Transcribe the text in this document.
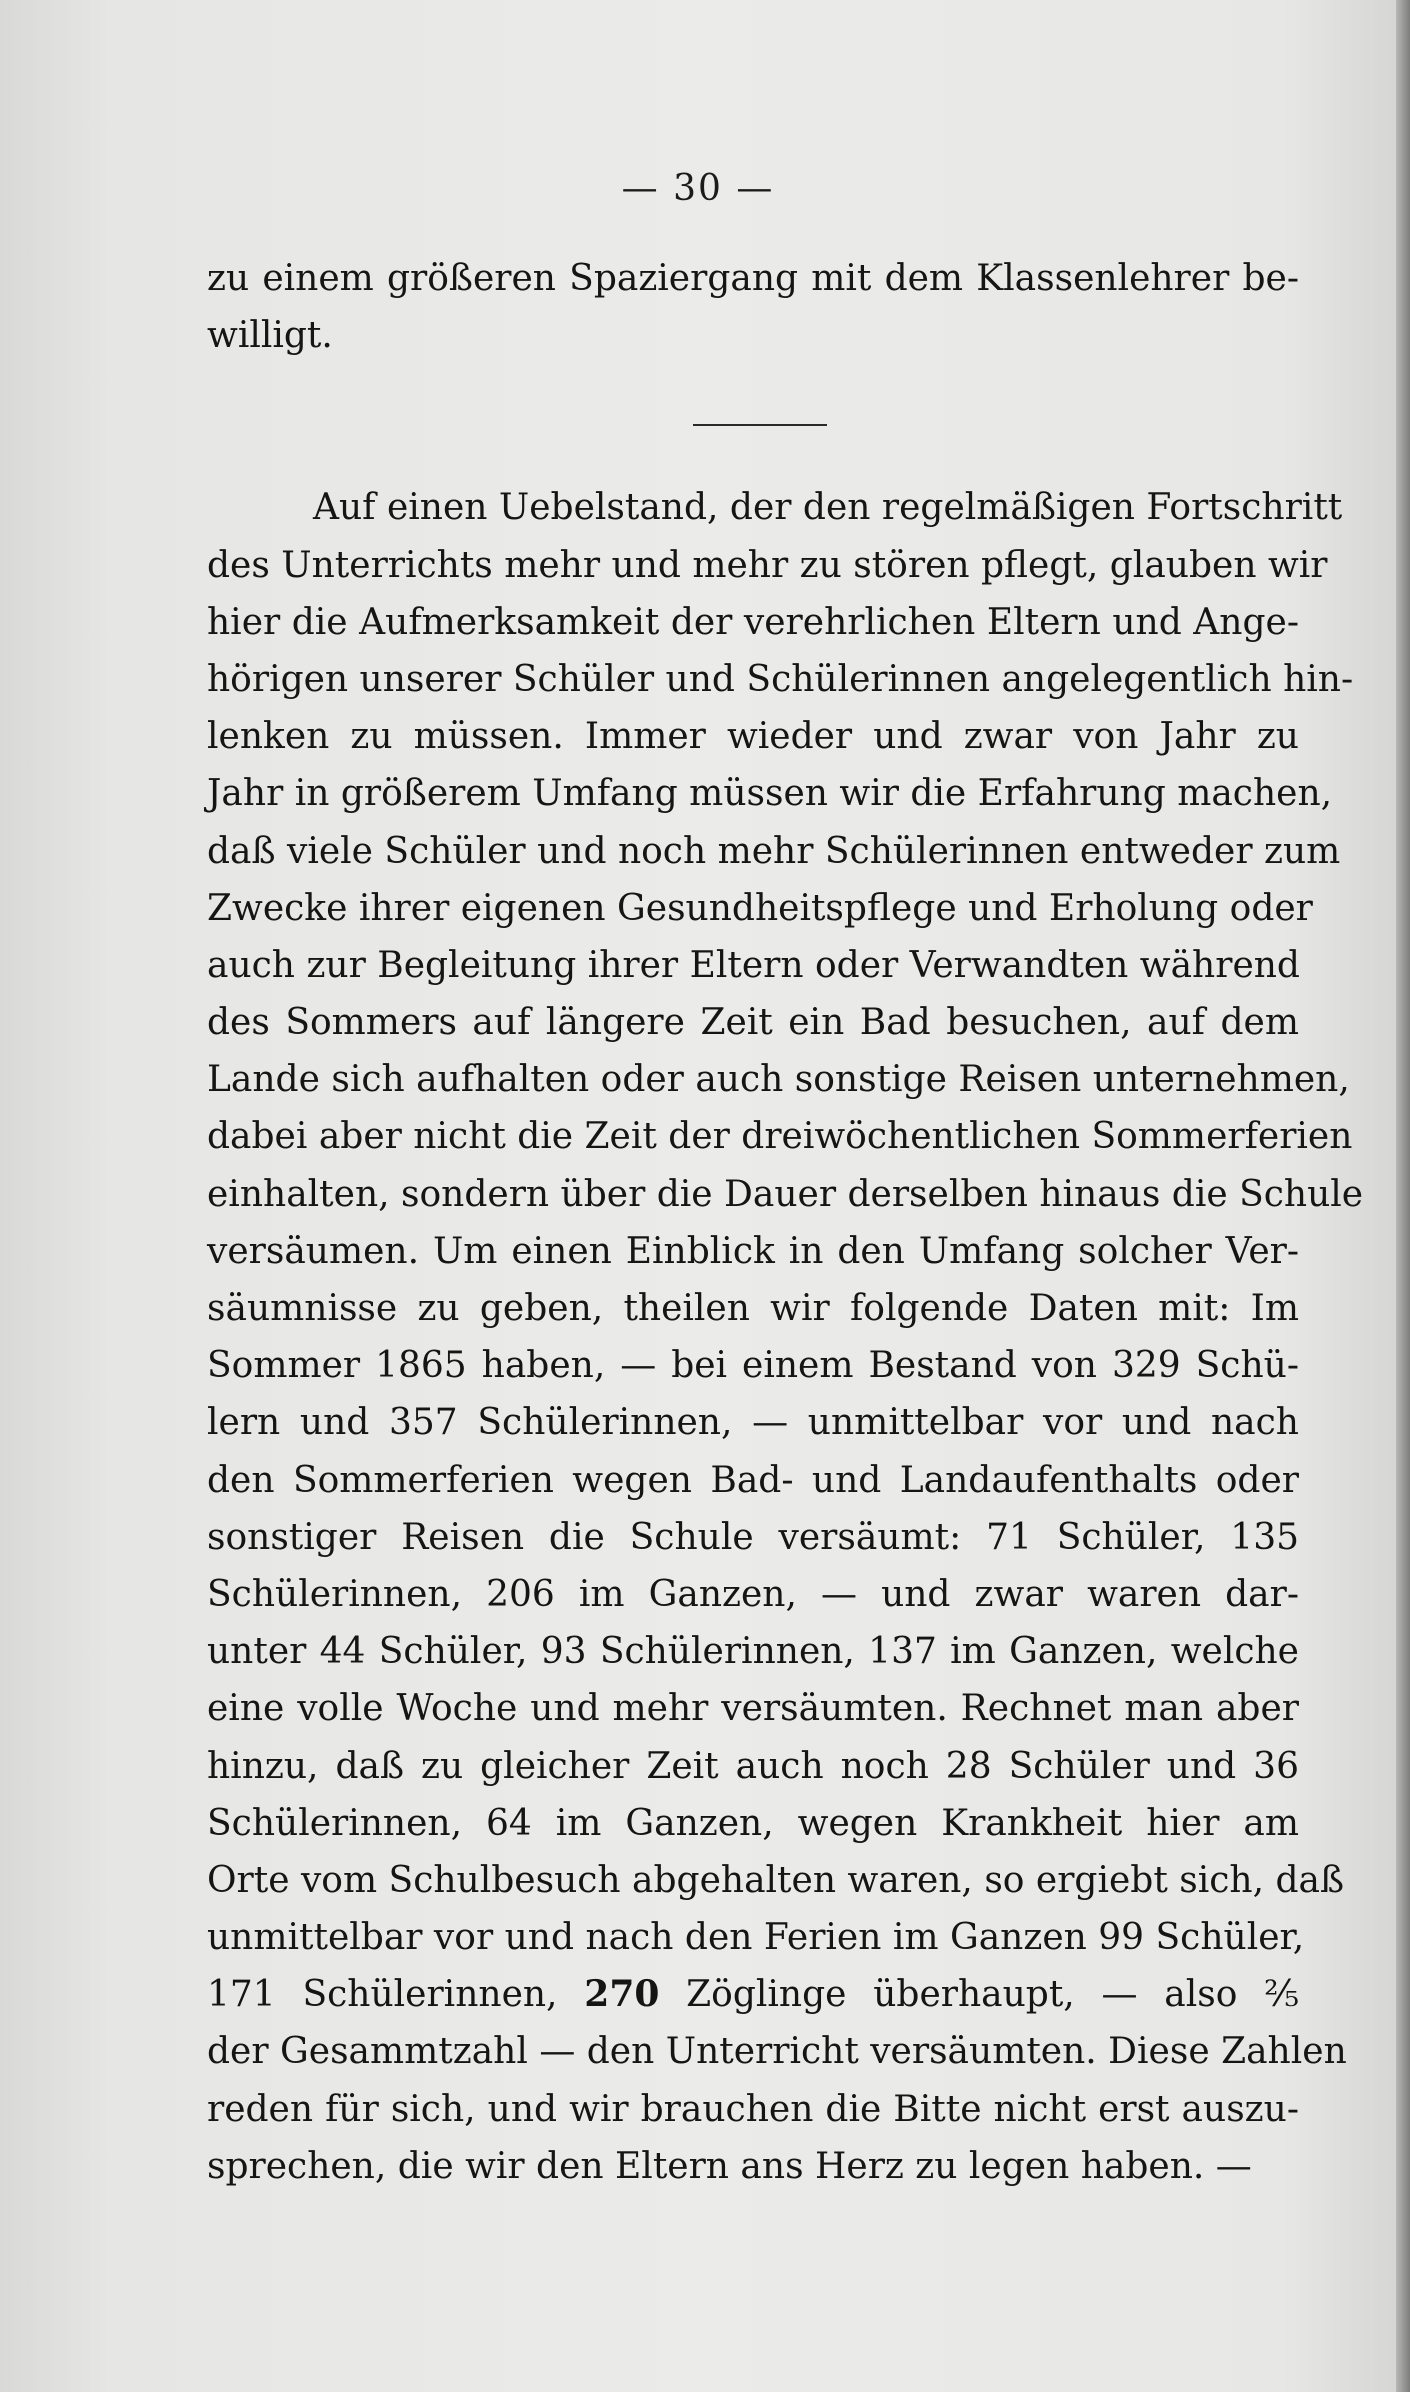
— 30 —
zu einem größeren Spaziergang mit dem Klassenlehrer be-
willigt.
Auf einen Uebelstand, der den regelmäßigen Fortschritt
des Unterrichts mehr und mehr zu stören pflegt, glauben wir
hier die Aufmerksamkeit der verehrlichen Eltern und Ange-
hörigen unserer Schüler und Schülerinnen angelegentlich hin-
lenken zu müssen. Immer wieder und zwar von Jahr zu
Jahr in größerem Umfang müssen wir die Erfahrung machen,
daß viele Schüler und noch mehr Schülerinnen entweder zum
Zwecke ihrer eigenen Gesundheitspflege und Erholung oder
auch zur Begleitung ihrer Eltern oder Verwandten während
des Sommers auf längere Zeit ein Bad besuchen, auf dem
Lande sich aufhalten oder auch sonstige Reisen unternehmen,
dabei aber nicht die Zeit der dreiwöchentlichen Sommerferien
einhalten, sondern über die Dauer derselben hinaus die Schule
versäumen. Um einen Einblick in den Umfang solcher Ver-
säumnisse zu geben, theilen wir folgende Daten mit: Im
Sommer 1865 haben, — bei einem Bestand von 329 Schü-
lern und 357 Schülerinnen, — unmittelbar vor und nach
den Sommerferien wegen Bad- und Landaufenthalts oder
sonstiger Reisen die Schule versäumt: 71 Schüler, 135
Schülerinnen, 206 im Ganzen, — und zwar waren dar-
unter 44 Schüler, 93 Schülerinnen, 137 im Ganzen, welche
eine volle Woche und mehr versäumten. Rechnet man aber
hinzu, daß zu gleicher Zeit auch noch 28 Schüler und 36
Schülerinnen, 64 im Ganzen, wegen Krankheit hier am
Orte vom Schulbesuch abgehalten waren, so ergiebt sich, daß
unmittelbar vor und nach den Ferien im Ganzen 99 Schüler,
171 Schülerinnen, 270 Zöglinge überhaupt, — also ²⁄₅
der Gesammtzahl — den Unterricht versäumten. Diese Zahlen
reden für sich, und wir brauchen die Bitte nicht erst auszu-
sprechen, die wir den Eltern ans Herz zu legen haben. —
